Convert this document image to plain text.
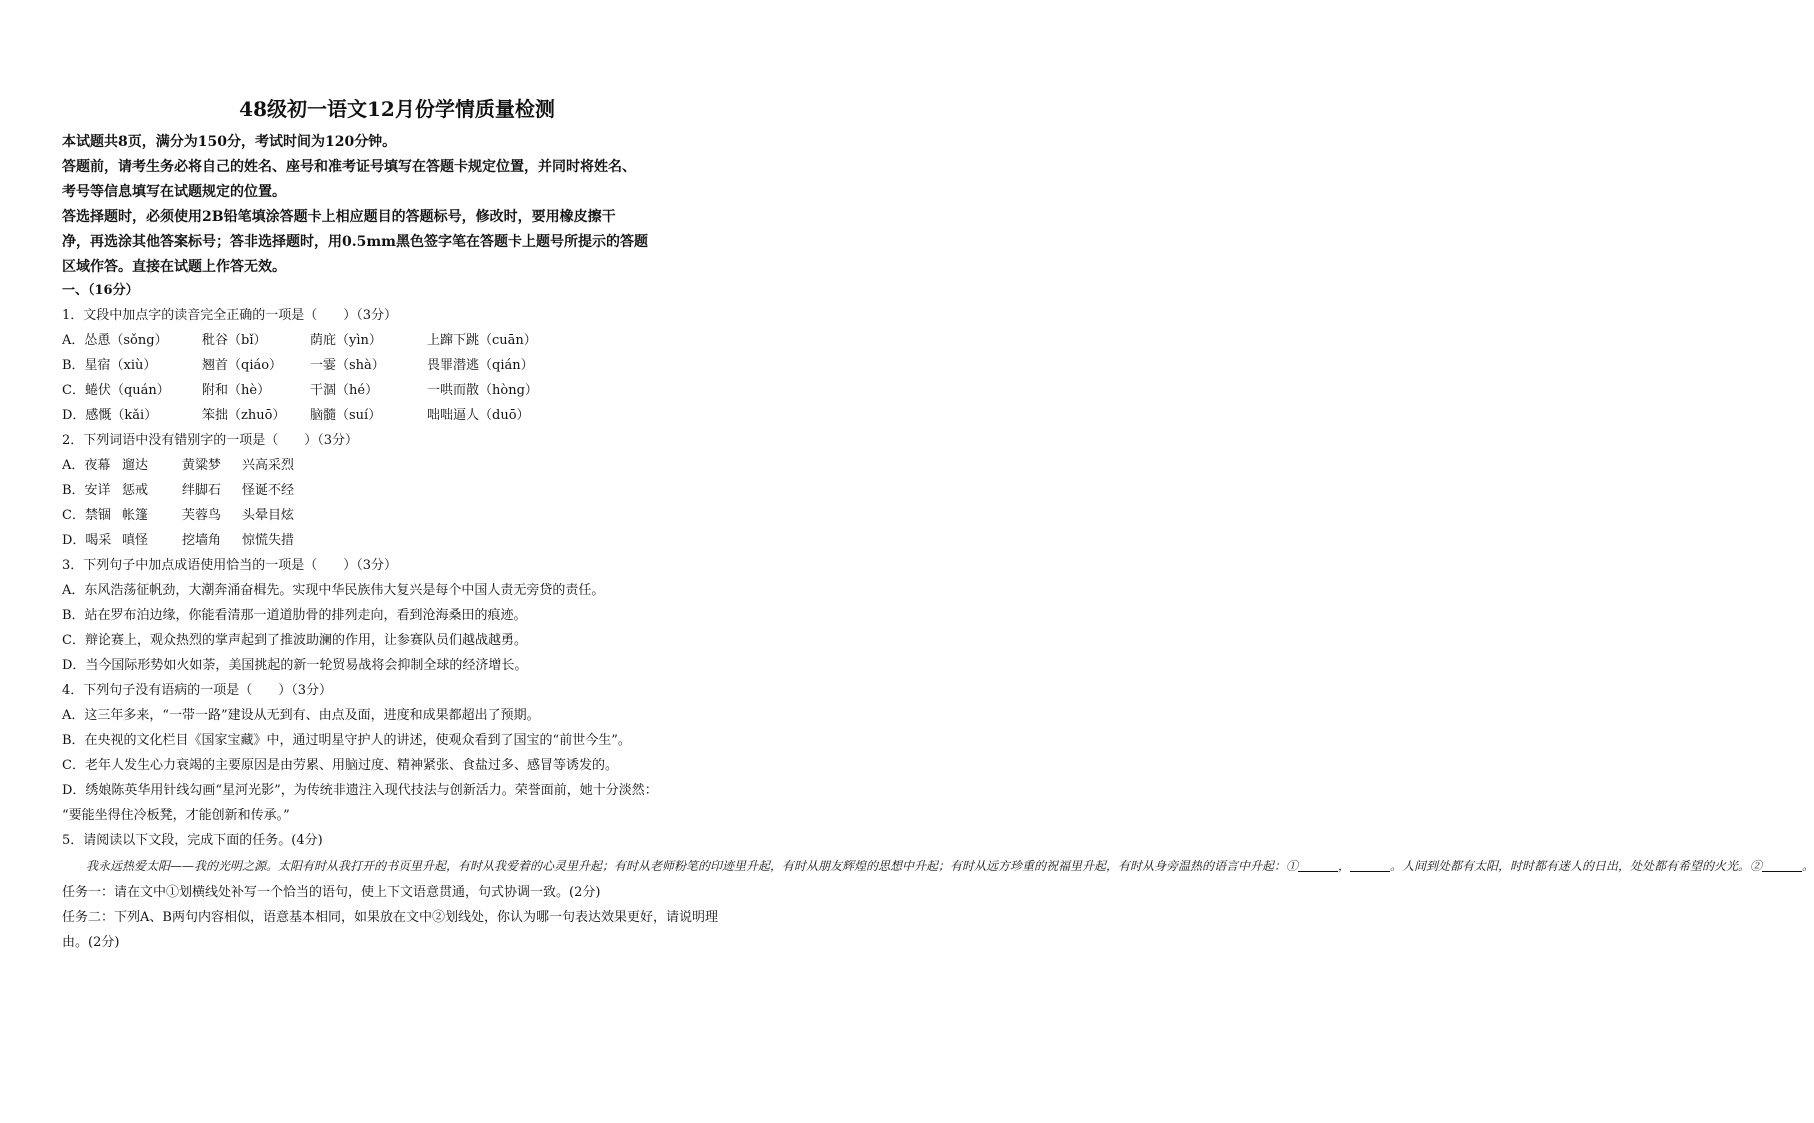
48级初一语文12月份学情质量检测

本试题共8页，满分为150分，考试时间为120分钟。

答题前，请考生务必将自己的姓名、座号和准考证号填写在答题卡规定位置，并同时将姓名、

考号等信息填写在试题规定的位置。

答选择题时，必须使用2B铅笔填涂答题卡上相应题目的答题标号，修改时，要用橡皮擦干

净，再选涂其他答案标号；答非选择题时，用0.5mm黑色签字笔在答题卡上题号所提示的答题

区域作答。直接在试题上作答无效。

一、（16分）

1．文段中加点字的读音完全正确的一项是（　　）（3分）

A．怂恿（sǒng）	秕谷（bǐ）	荫庇（yìn）	上蹿下跳（cuān）
B．星宿（xiù）	翘首（qiáo）	一霎（shà）	畏罪潜逃（qián）
C．蜷伏（quán）	附和（hè）	干涸（hé）	一哄而散（hòng）
D．感慨（kǎi）	笨拙（zhuō）	脑髓（suí）	咄咄逼人（duō）

2．下列词语中没有错别字的一项是（　　）（3分）

A．夜幕 遛达	黄粱梦	兴高采烈
B．安详 惩戒	绊脚石	怪诞不经
C．禁锢 帐篷	芙蓉鸟	头晕目炫
D．喝采 嗔怪	挖墙角	惊慌失措

3．下列句子中加点成语使用恰当的一项是（　　）（3分）

A．东风浩荡征帆劲，大潮奔涌奋楫先。实现中华民族伟大复兴是每个中国人责无旁贷的责任。

B．站在罗布泊边缘，你能看清那一道道肋骨的排列走向，看到沧海桑田的痕迹。

C．辩论赛上，观众热烈的掌声起到了推波助澜的作用，让参赛队员们越战越勇。

D．当今国际形势如火如荼，美国挑起的新一轮贸易战将会抑制全球的经济增长。

4．下列句子没有语病的一项是（　　）（3分）

A．这三年多来，“一带一路”建设从无到有、由点及面，进度和成果都超出了预期。

B．在央视的文化栏目《国家宝藏》中，通过明星守护人的讲述，使观众看到了国宝的“前世今生”。

C．老年人发生心力衰竭的主要原因是由劳累、用脑过度、精神紧张、食盐过多、感冒等诱发的。

D．绣娘陈英华用针线勾画“星河光影”，为传统非遗注入现代技法与创新活力。荣誉面前，她十分淡然：

“要能坐得住冷板凳，才能创新和传承。”

5．请阅读以下文段，完成下面的任务。(4分)

我永远热爱太阳——我的光明之源。太阳有时从我打开的书页里升起，有时从我爱着的心灵里升起；有时从老师粉笔的印迹里升起，有时从朋友辉煌的思想中升起；有时从远方珍重的祝福里升起，有时从身旁温热的语言中升起：①	，	。人间到处都有太阳，时时都有迷人的日出，处处都有希望的火光。②	。

任务一：请在文中①划横线处补写一个恰当的语句，使上下文语意贯通，句式协调一致。(2分)

任务二：下列A、B两句内容相似，语意基本相同，如果放在文中②划线处，你认为哪一句表达效果更好，请说明理由。(2分)
